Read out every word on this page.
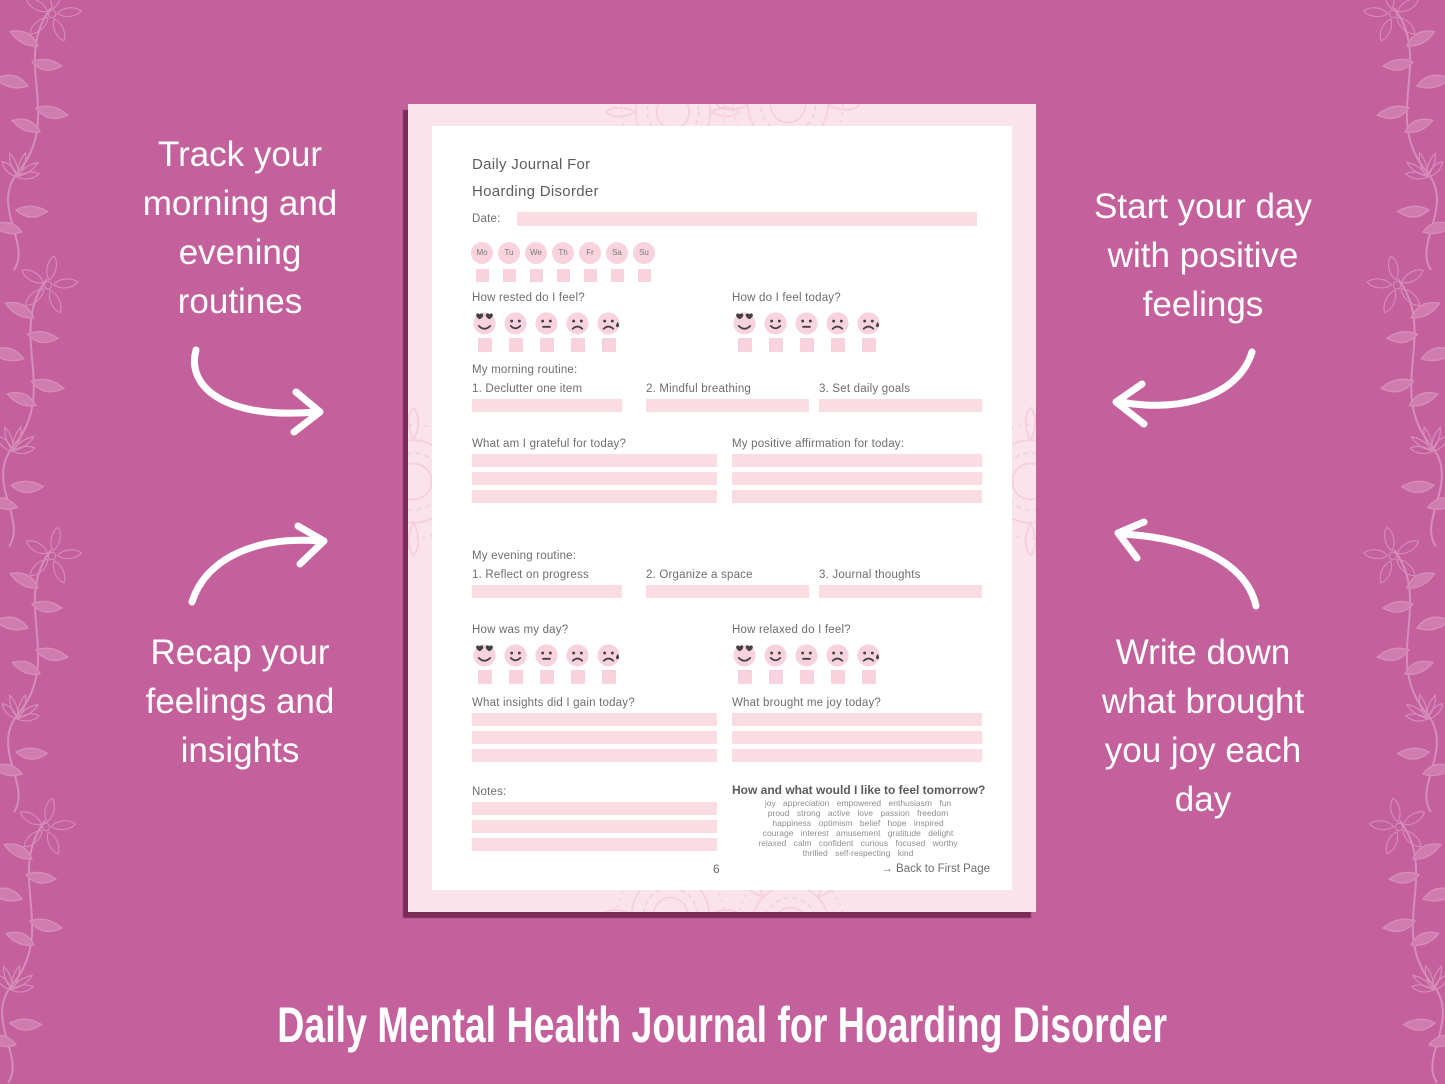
Track your
morning and
evening
routines
Start your day
with positive
feelings
Recap your
feelings and
insights
Write down
what brought
you joy each
day
Daily Journal For
Hoarding Disorder
Date:
Mo	Tu	We	Th	Fr	Sa	Su
How rested do I feel?	How do I feel today?
My morning routine:
1. Declutter one item	2. Mindful breathing	3. Set daily goals
What am I grateful for today?	My positive affirmation for today:
My evening routine:
1. Reflect on progress	2. Organize a space	3. Journal thoughts
How was my day?	How relaxed do I feel?
What insights did I gain today?	What brought me joy today?
Notes:	How and what would I like to feel tomorrow?
joy appreciation empowered enthusiasm fun
proud strong active love passion freedom
happiness optimism belief hope inspired
courage interest amusement gratitude delight
relaxed calm confident curious focused worthy
thrilled self-respecting kind
6	→ Back to First Page
Daily Mental Health Journal for Hoarding Disorder
